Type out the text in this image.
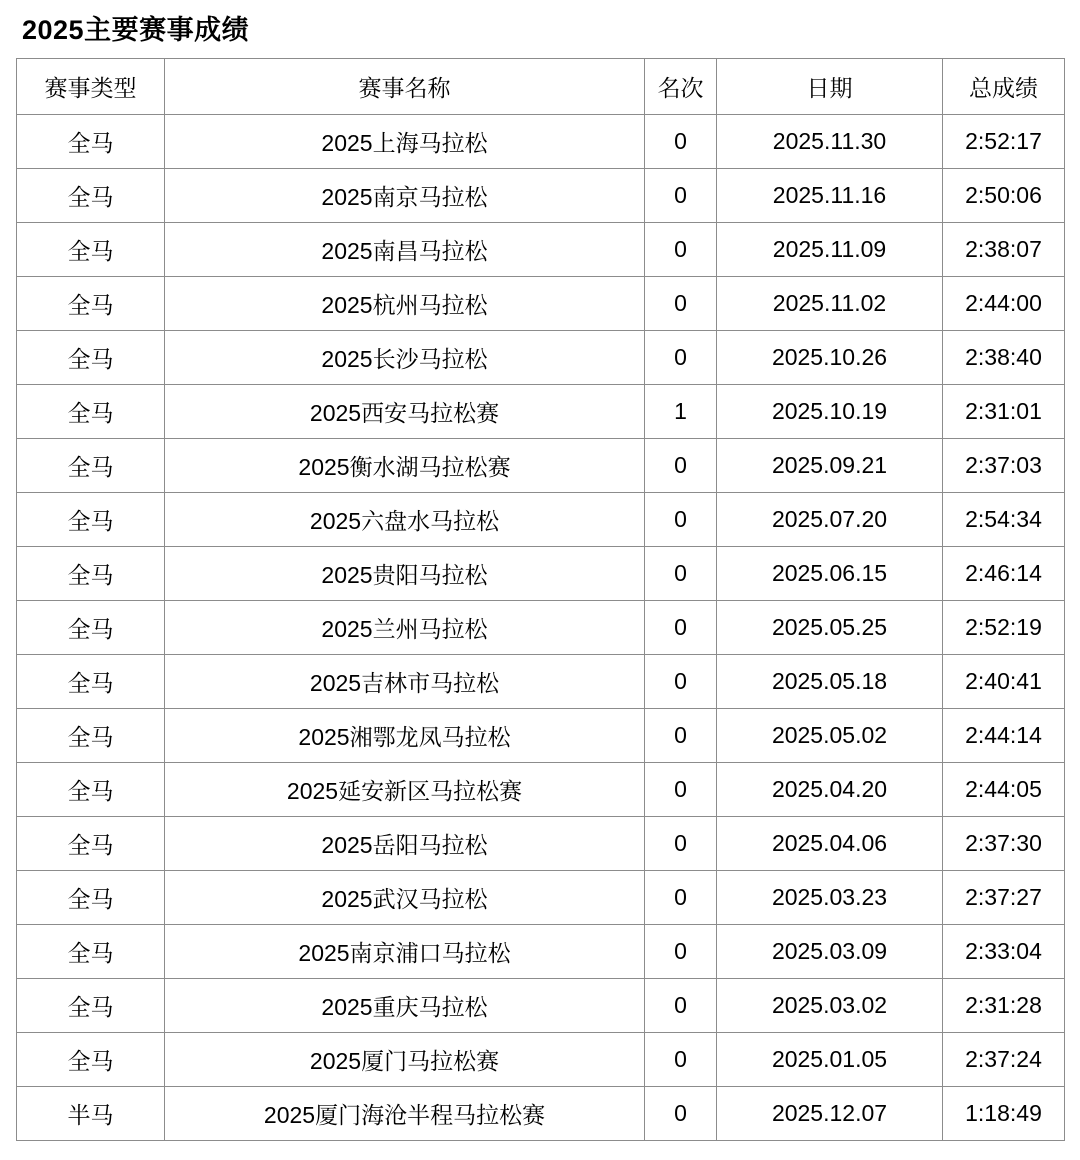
2025主要赛事成绩
赛事类型	赛事名称	名次	日期	总成绩
全马	2025上海马拉松	0	2025.11.30	2:52:17
全马	2025南京马拉松	0	2025.11.16	2:50:06
全马	2025南昌马拉松	0	2025.11.09	2:38:07
全马	2025杭州马拉松	0	2025.11.02	2:44:00
全马	2025长沙马拉松	0	2025.10.26	2:38:40
全马	2025西安马拉松赛	1	2025.10.19	2:31:01
全马	2025衡水湖马拉松赛	0	2025.09.21	2:37:03
全马	2025六盘水马拉松	0	2025.07.20	2:54:34
全马	2025贵阳马拉松	0	2025.06.15	2:46:14
全马	2025兰州马拉松	0	2025.05.25	2:52:19
全马	2025吉林市马拉松	0	2025.05.18	2:40:41
全马	2025湘鄂龙凤马拉松	0	2025.05.02	2:44:14
全马	2025延安新区马拉松赛	0	2025.04.20	2:44:05
全马	2025岳阳马拉松	0	2025.04.06	2:37:30
全马	2025武汉马拉松	0	2025.03.23	2:37:27
全马	2025南京浦口马拉松	0	2025.03.09	2:33:04
全马	2025重庆马拉松	0	2025.03.02	2:31:28
全马	2025厦门马拉松赛	0	2025.01.05	2:37:24
半马	2025厦门海沧半程马拉松赛	0	2025.12.07	1:18:49
